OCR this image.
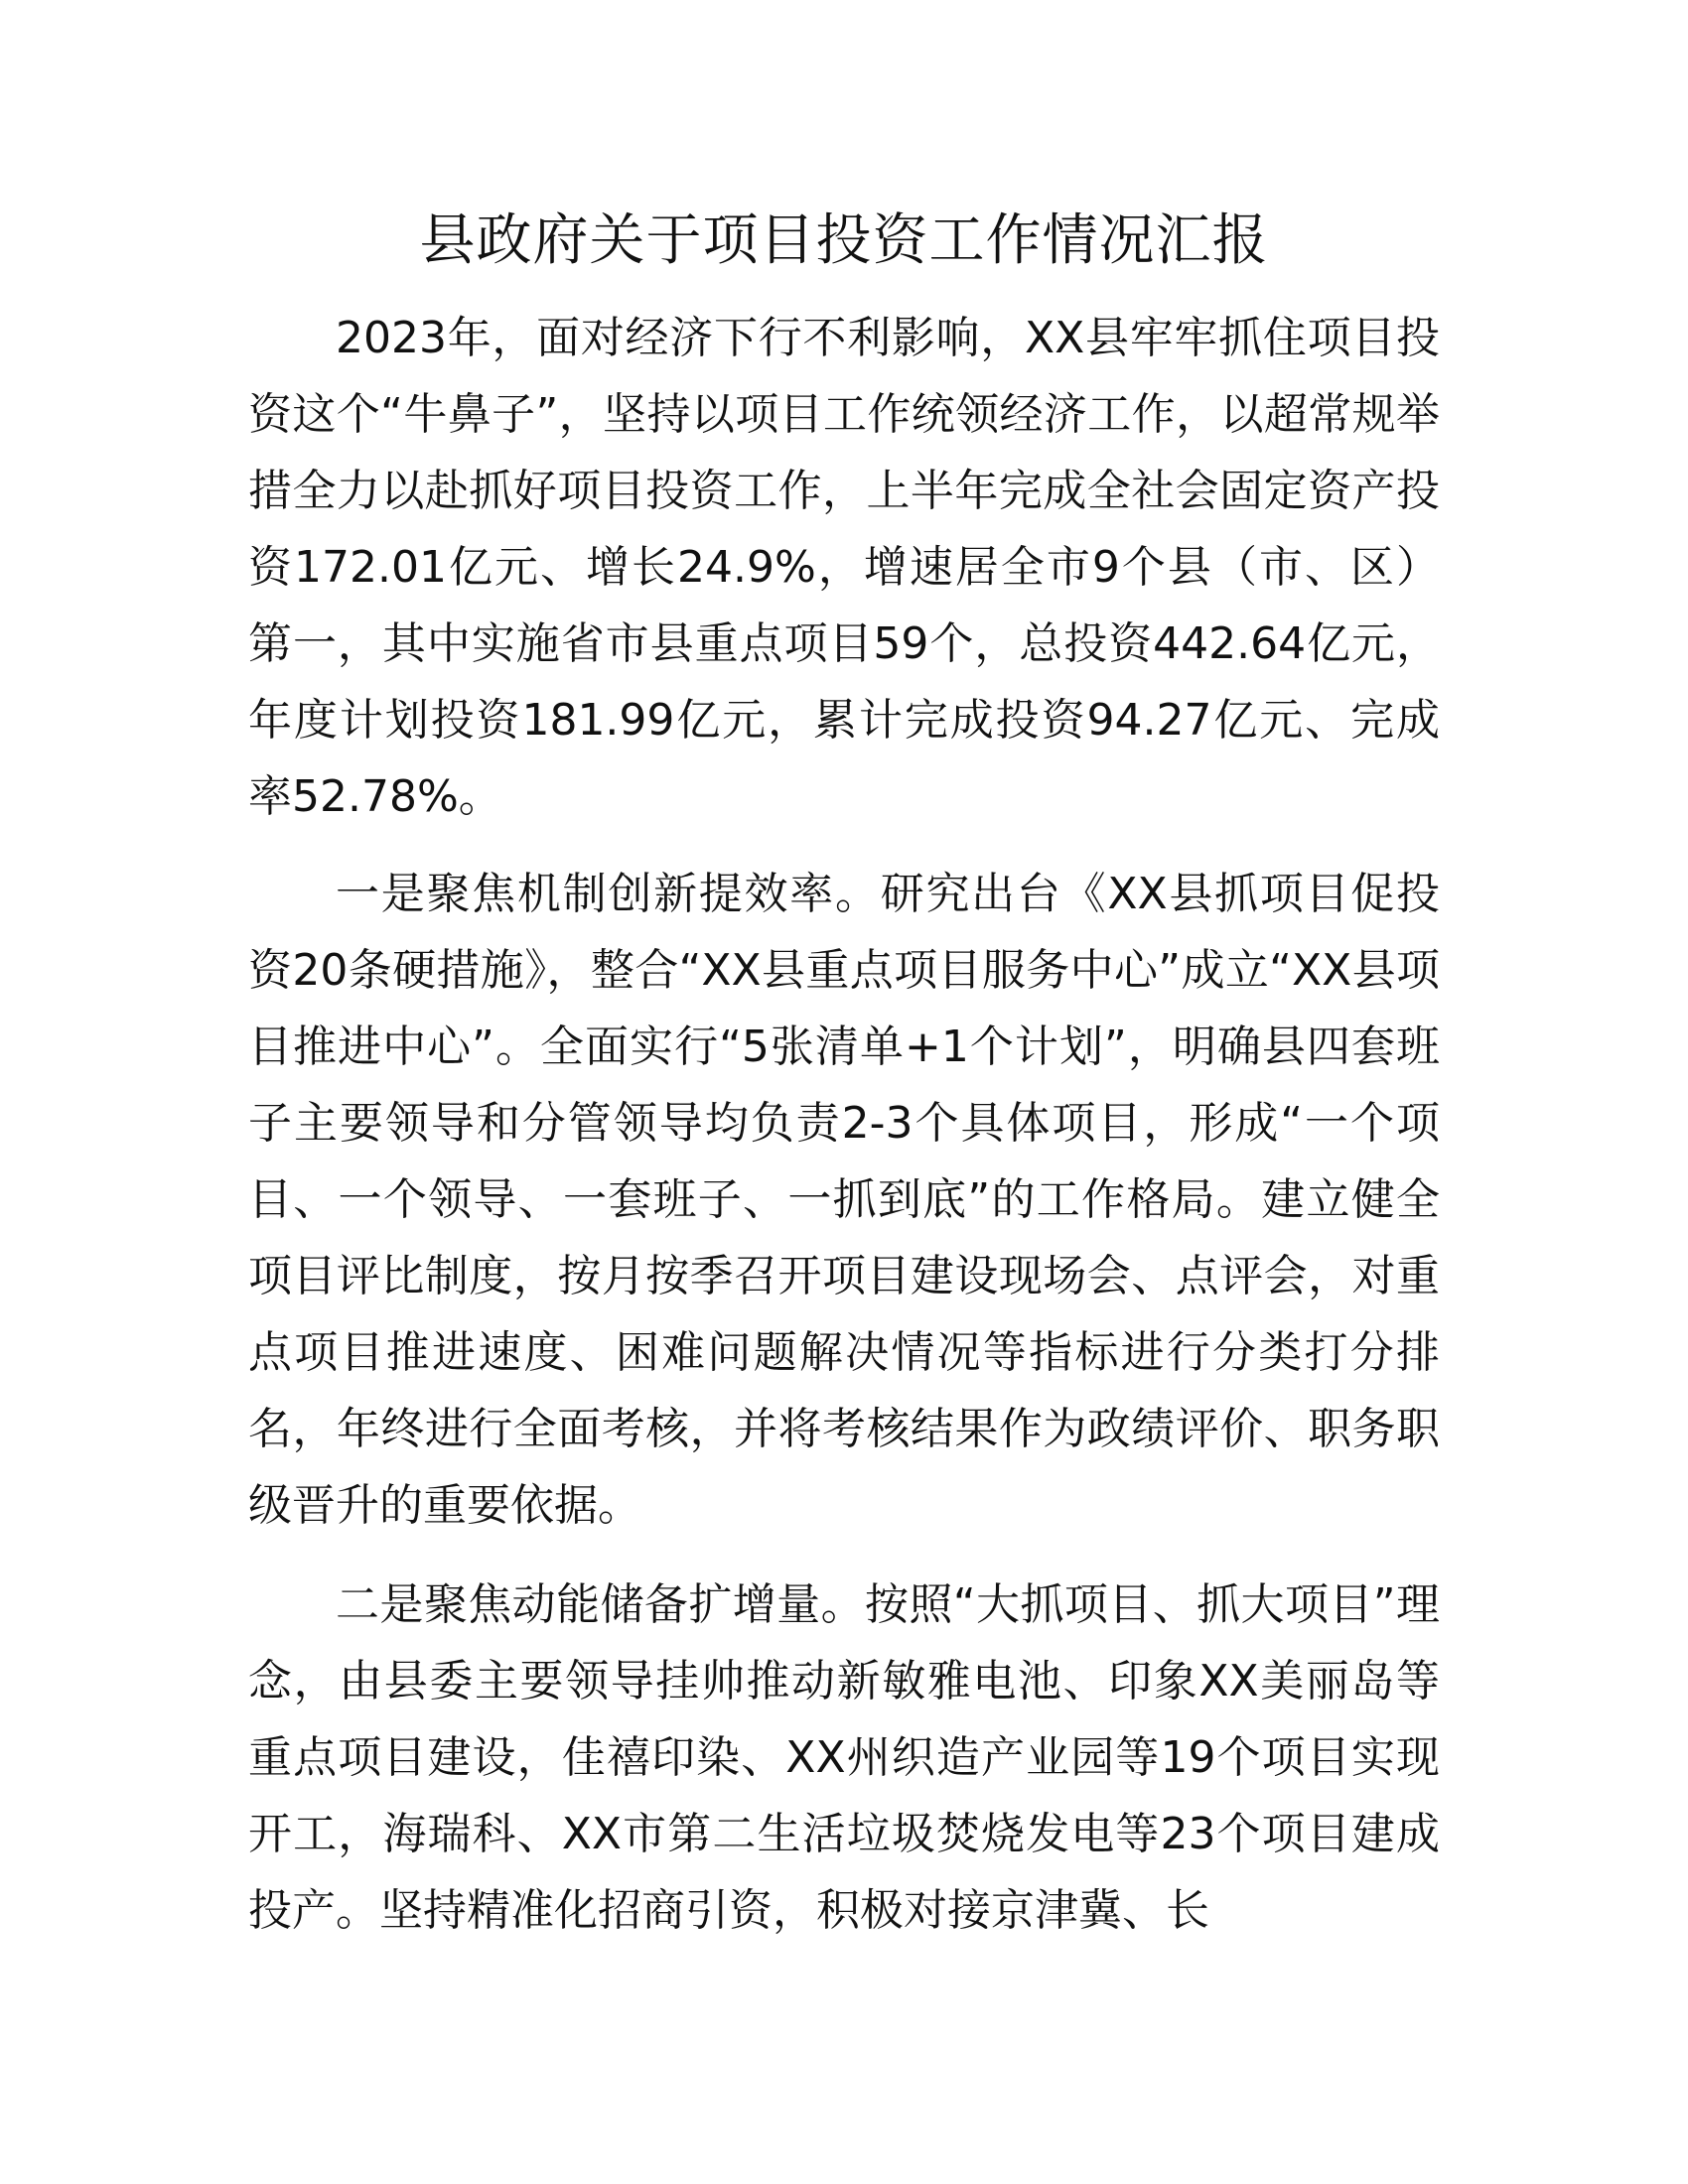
县政府关于项目投资工作情况汇报

2023年，面对经济下行不利影响，XX县牢牢抓住项目投资这个“牛鼻子”，坚持以项目工作统领经济工作，以超常规举措全力以赴抓好项目投资工作，上半年完成全社会固定资产投资172.01亿元、增长24.9%，增速居全市9个县（市、区）第一，其中实施省市县重点项目59个，总投资442.64亿元，年度计划投资181.99亿元，累计完成投资94.27亿元、完成率52.78%。

一是聚焦机制创新提效率。研究出台《XX县抓项目促投资20条硬措施》，整合“XX县重点项目服务中心”成立“XX县项目推进中心”。全面实行“5张清单+1个计划”，明确县四套班子主要领导和分管领导均负责2-3个具体项目，形成“一个项目、一个领导、一套班子、一抓到底”的工作格局。建立健全项目评比制度，按月按季召开项目建设现场会、点评会，对重点项目推进速度、困难问题解决情况等指标进行分类打分排名，年终进行全面考核，并将考核结果作为政绩评价、职务职级晋升的重要依据。

二是聚焦动能储备扩增量。按照“大抓项目、抓大项目”理念，由县委主要领导挂帅推动新敏雅电池、印象XX美丽岛等重点项目建设，佳禧印染、XX州织造产业园等19个项目实现开工，海瑞科、XX市第二生活垃圾焚烧发电等23个项目建成投产。坚持精准化招商引资，积极对接京津冀、长
